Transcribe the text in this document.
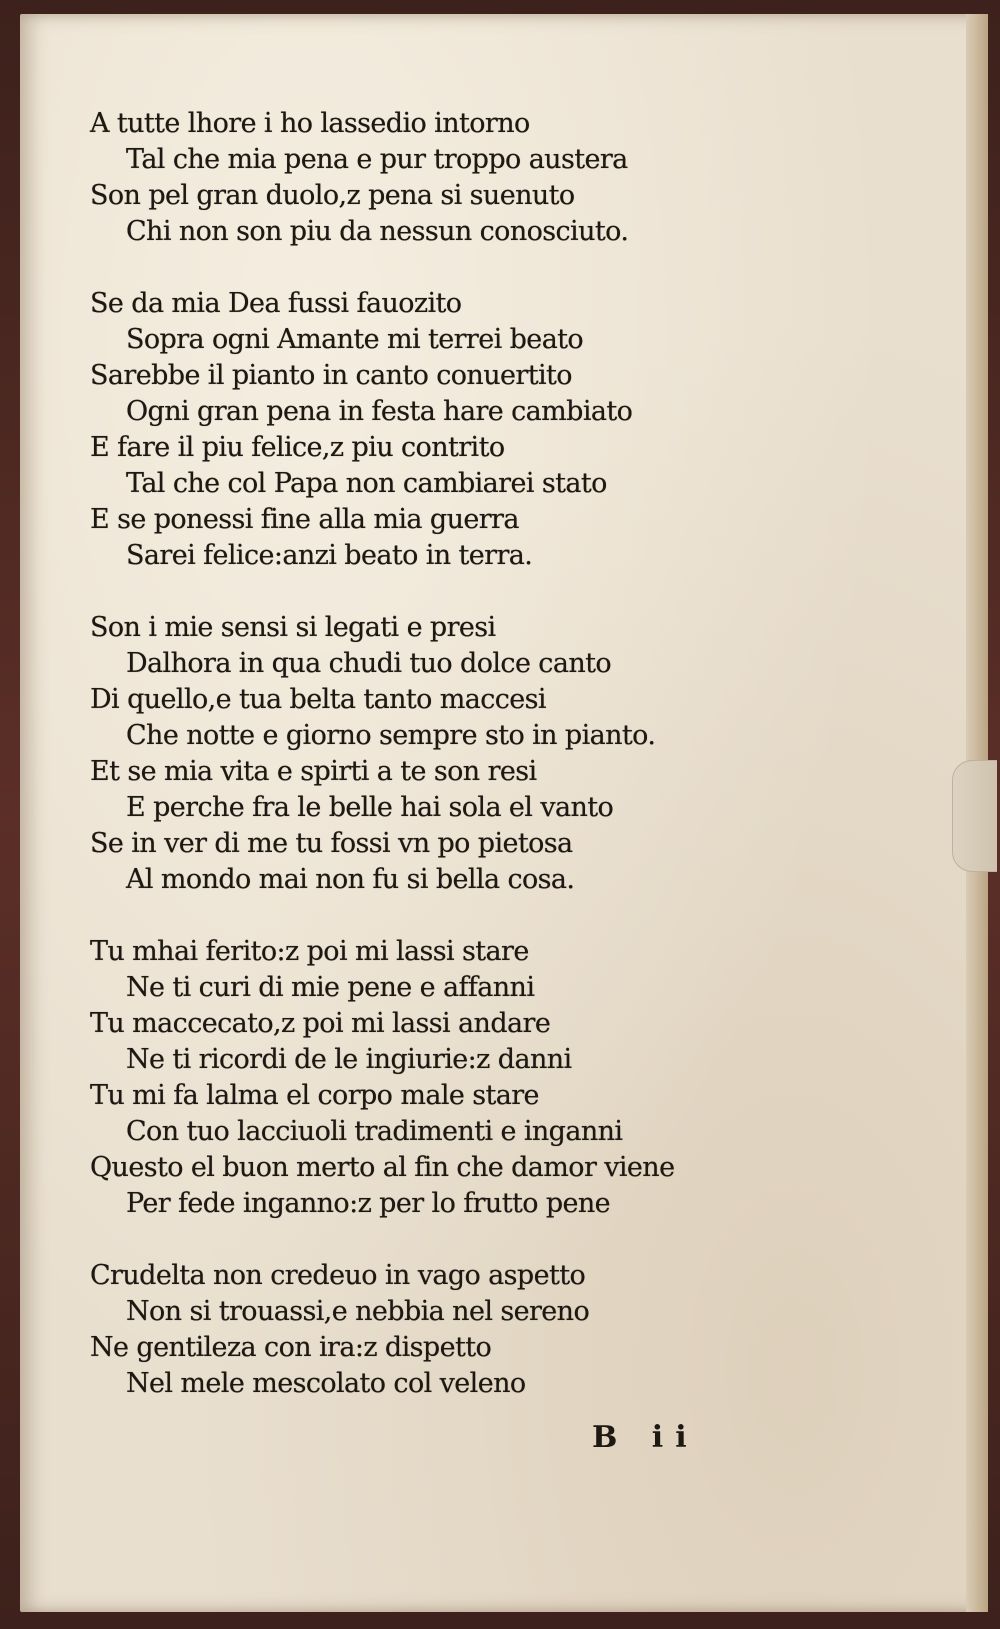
A tutte lhore i ho lassedio intorno
Tal che mia pena e pur troppo austera
Son pel gran duolo,z pena si suenuto
Chi non son piu da nessun conosciuto.
Se da mia Dea fussi fauozito
Sopra ogni Amante mi terrei beato
Sarebbe il pianto in canto conuertito
Ogni gran pena in festa hare cambiato
E fare il piu felice,z piu contrito
Tal che col Papa non cambiarei stato
E se ponessi fine alla mia guerra
Sarei felice:anzi beato in terra.
Son i mie sensi si legati e presi
Dalhora in qua chudi tuo dolce canto
Di quello,e tua belta tanto maccesi
Che notte e giorno sempre sto in pianto.
Et se mia vita e spirti a te son resi
E perche fra le belle hai sola el vanto
Se in ver di me tu fossi vn po pietosa
Al mondo mai non fu si bella cosa.
Tu mhai ferito:z poi mi lassi stare
Ne ti curi di mie pene e affanni
Tu maccecato,z poi mi lassi andare
Ne ti ricordi de le ingiurie:z danni
Tu mi fa lalma el corpo male stare
Con tuo lacciuoli tradimenti e inganni
Questo el buon merto al fin che damor viene
Per fede inganno:z per lo frutto pene
Crudelta non credeuo in vago aspetto
Non si trouassi,e nebbia nel sereno
Ne gentileza con ira:z dispetto
Nel mele mescolato col veleno
B ii
